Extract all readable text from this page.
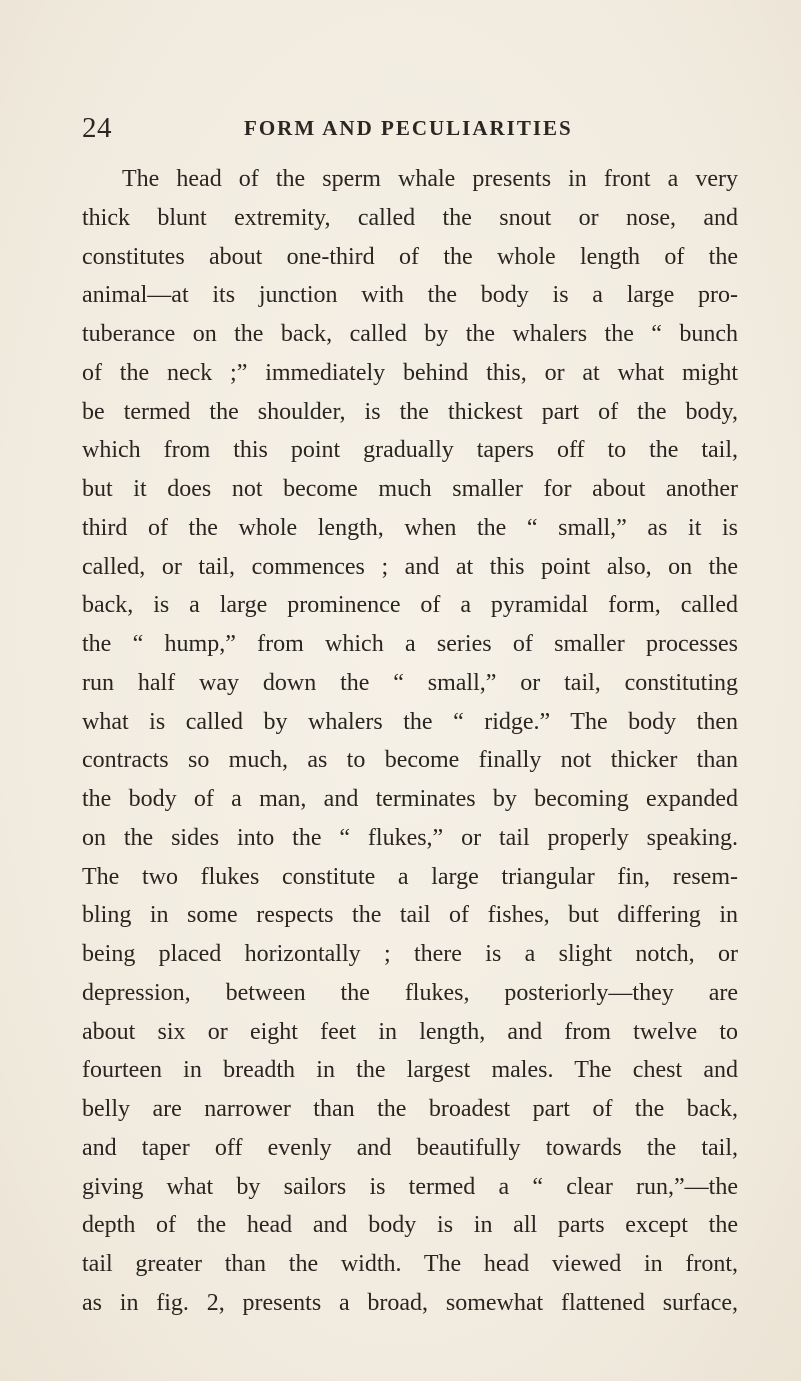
24	FORM AND PECULIARITIES
The head of the sperm whale presents in front a very
thick blunt extremity, called the snout or nose, and
constitutes about one-third of the whole length of the
animal—at its junction with the body is a large pro-
tuberance on the back, called by the whalers the “ bunch
of the neck ;” immediately behind this, or at what might
be termed the shoulder, is the thickest part of the body,
which from this point gradually tapers off to the tail,
but it does not become much smaller for about another
third of the whole length, when the “ small,” as it is
called, or tail, commences ; and at this point also, on the
back, is a large prominence of a pyramidal form, called
the “ hump,” from which a series of smaller processes
run half way down the “ small,” or tail, constituting
what is called by whalers the “ ridge.” The body then
contracts so much, as to become finally not thicker than
the body of a man, and terminates by becoming expanded
on the sides into the “ flukes,” or tail properly speaking.
The two flukes constitute a large triangular fin, resem-
bling in some respects the tail of fishes, but differing in
being placed horizontally ; there is a slight notch, or
depression, between the flukes, posteriorly—they are
about six or eight feet in length, and from twelve to
fourteen in breadth in the largest males. The chest and
belly are narrower than the broadest part of the back,
and taper off evenly and beautifully towards the tail,
giving what by sailors is termed a “ clear run,”—the
depth of the head and body is in all parts except the
tail greater than the width. The head viewed in front,
as in fig. 2, presents a broad, somewhat flattened surface,
